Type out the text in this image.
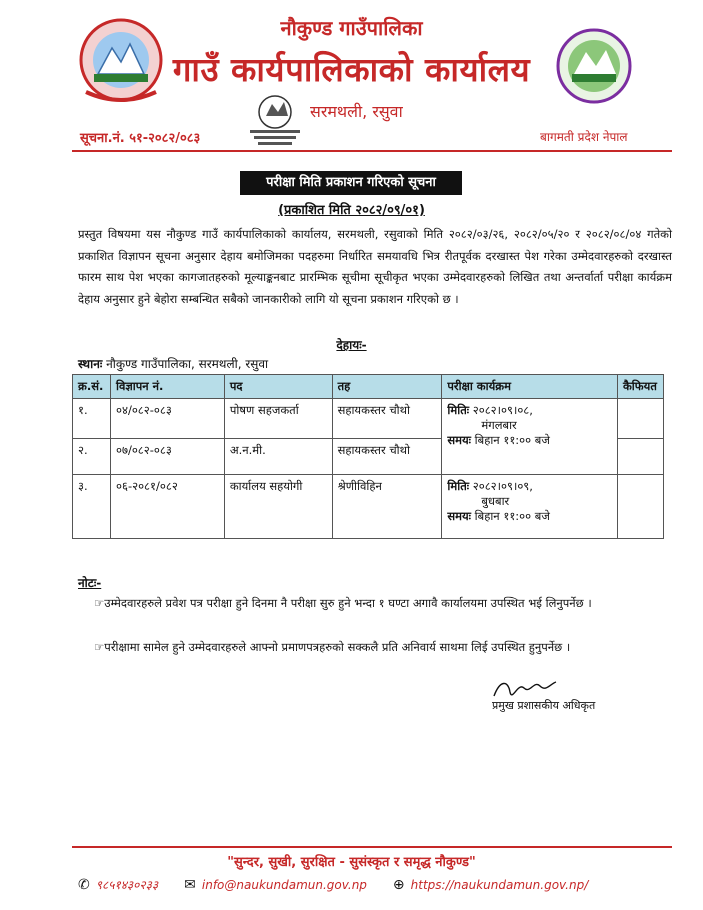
नौकुण्ड गाउँपालिका
गाउँ कार्यपालिकाको कार्यालय
सरमथली, रसुवा
सूचना.नं. ५१-२०८२/०८३	बागमती प्रदेश नेपाल
परीक्षा मिति प्रकाशन गरिएको सूचना
(प्रकाशित मिति २०८२/०९/०१)
प्रस्तुत विषयमा यस नौकुण्ड गाउँ कार्यपालिकाको कार्यालय, सरमथली, रसुवाको मिति २०८२/०३/२६, २०८२/०५/२० र २०८२/०८/०४ गतेको प्रकाशित विज्ञापन सूचना अनुसार देहाय बमोजिमका पदहरुमा निर्धारित समयावधि भित्र रीतपूर्वक दरखास्त पेश गरेका उम्मेदवारहरुको दरखास्त फारम साथ पेश भएका कागजातहरुको मूल्याङ्कनबाट प्रारम्भिक सूचीमा सूचीकृत भएका उम्मेदवारहरुको लिखित तथा अन्तर्वार्ता परीक्षा कार्यक्रम देहाय अनुसार हुने बेहोरा सम्बन्धित सबैको जानकारीको लागि यो सूचना प्रकाशन गरिएको छ ।
देहायः-
स्थानः नौकुण्ड गाउँपालिका, सरमथली, रसुवा
क्र.सं.	विज्ञापन नं.	पद	तह	परीक्षा कार्यक्रम	कैफियत
१.	०४/०८२-०८३	पोषण सहजकर्ता	सहायकस्तर चौथो	मितिः २०८२।०९।०८,
मंगलबार
समयः बिहान ११:०० बजे	
२.	०७/०८२-०८३	अ.न.मी.	सहायकस्तर चौथो		
३.	०६-२०८१/०८२	कार्यालय सहयोगी	श्रेणीविहिन	मितिः २०८२।०९।०९,
बुधबार
समयः बिहान ११:०० बजे	
नोटः-
☞उम्मेदवारहरुले प्रवेश पत्र परीक्षा हुने दिनमा नै परीक्षा सुरु हुने भन्दा १ घण्टा अगावै कार्यालयमा उपस्थित भई लिनुपर्नेछ ।
☞परीक्षामा सामेल हुने उम्मेदवारहरुले आफ्नो प्रमाणपत्रहरुको सक्कलै प्रति अनिवार्य साथमा लिई उपस्थित हुनुपर्नेछ ।
प्रमुख प्रशासकीय अधिकृत
"सुन्दर, सुखी, सुरक्षित - सुसंस्कृत र समृद्ध नौकुण्ड"
✆ ९८५१४३०२३३ ✉ info@naukundamun.gov.np ⊕ https://naukundamun.gov.np/
